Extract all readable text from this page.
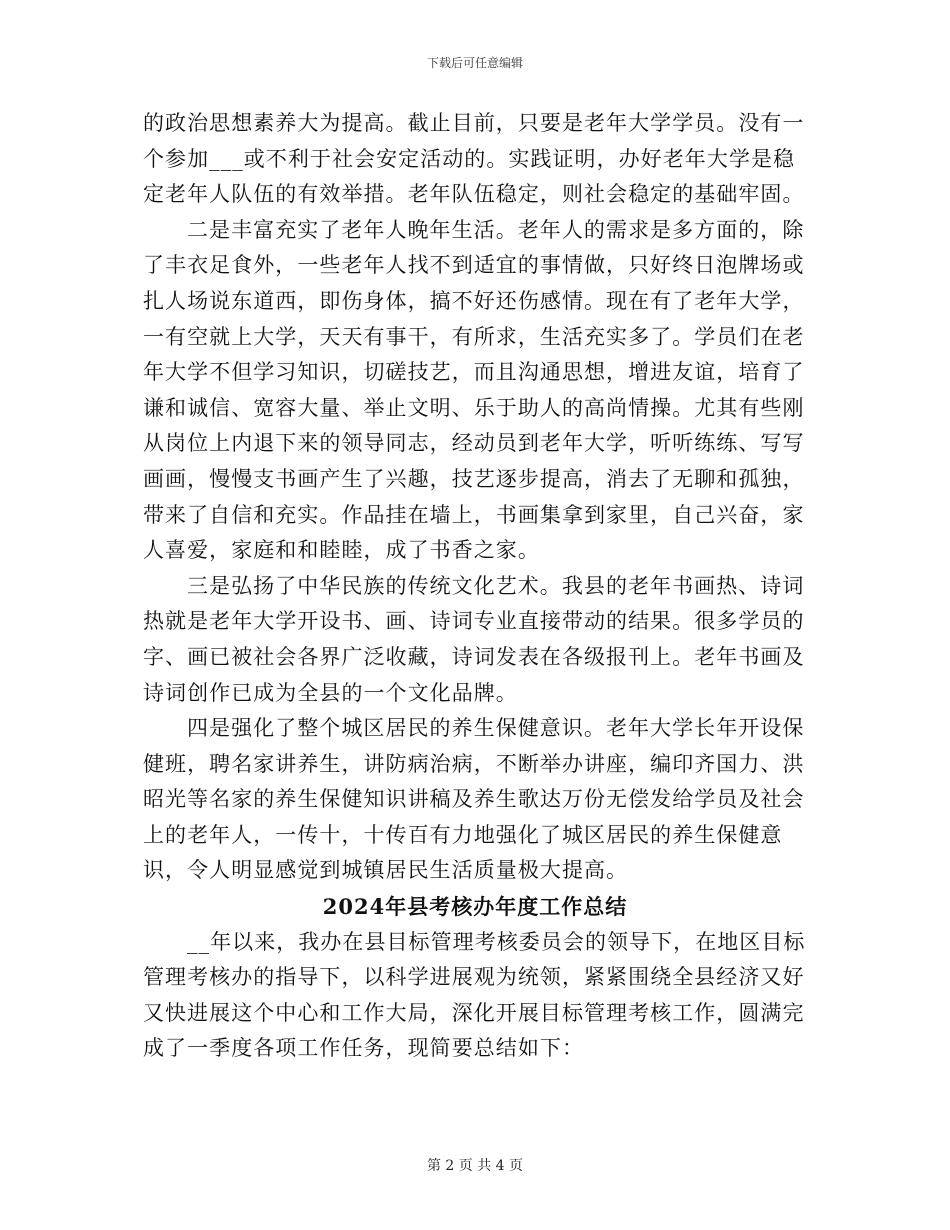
下载后可任意编辑

的政治思想素养大为提高。截止目前，只要是老年大学学员。没有一个参加___或不利于社会安定活动的。实践证明，办好老年大学是稳定老年人队伍的有效举措。老年队伍稳定，则社会稳定的基础牢固。

二是丰富充实了老年人晚年生活。老年人的需求是多方面的，除了丰衣足食外，一些老年人找不到适宜的事情做，只好终日泡牌场或扎人场说东道西，即伤身体，搞不好还伤感情。现在有了老年大学，一有空就上大学，天天有事干，有所求，生活充实多了。学员们在老年大学不但学习知识，切磋技艺，而且沟通思想，增进友谊，培育了谦和诚信、宽容大量、举止文明、乐于助人的高尚情操。尤其有些刚从岗位上内退下来的领导同志，经动员到老年大学，听听练练、写写画画，慢慢支书画产生了兴趣，技艺逐步提高，消去了无聊和孤独，带来了自信和充实。作品挂在墙上，书画集拿到家里，自己兴奋，家人喜爱，家庭和和睦睦，成了书香之家。

三是弘扬了中华民族的传统文化艺术。我县的老年书画热、诗词热就是老年大学开设书、画、诗词专业直接带动的结果。很多学员的字、画已被社会各界广泛收藏，诗词发表在各级报刊上。老年书画及诗词创作已成为全县的一个文化品牌。

四是强化了整个城区居民的养生保健意识。老年大学长年开设保健班，聘名家讲养生，讲防病治病，不断举办讲座，编印齐国力、洪昭光等名家的养生保健知识讲稿及养生歌达万份无偿发给学员及社会上的老年人，一传十，十传百有力地强化了城区居民的养生保健意识，令人明显感觉到城镇居民生活质量极大提高。

2024年县考核办年度工作总结

__年以来，我办在县目标管理考核委员会的领导下，在地区目标管理考核办的指导下，以科学进展观为统领，紧紧围绕全县经济又好又快进展这个中心和工作大局，深化开展目标管理考核工作，圆满完成了一季度各项工作任务，现简要总结如下：

第 2 页 共 4 页
